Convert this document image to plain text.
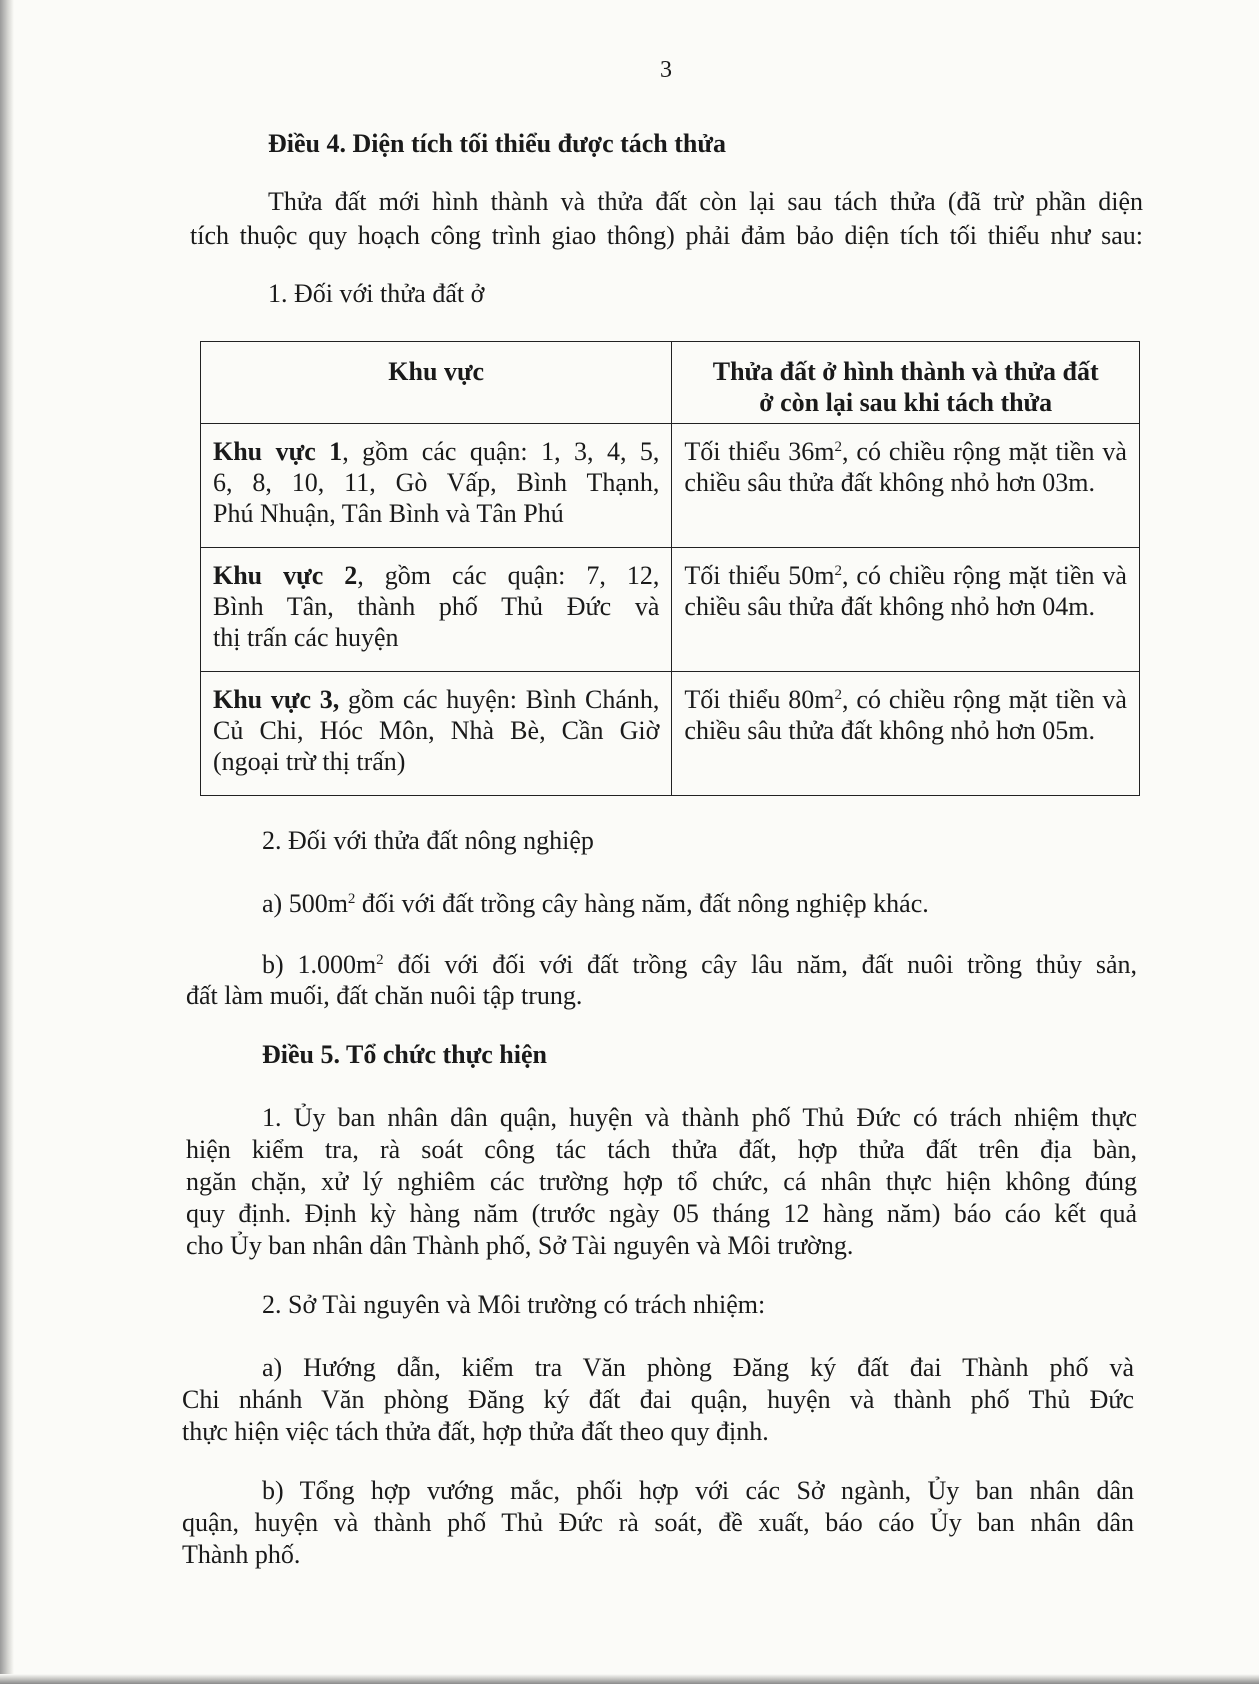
3
Điều 4. Diện tích tối thiểu được tách thửa
Thửa đất mới hình thành và thửa đất còn lại sau tách thửa (đã trừ phần diện
tích thuộc quy hoạch công trình giao thông) phải đảm bảo diện tích tối thiểu như sau:
1. Đối với thửa đất ở
Khu vực	Thửa đất ở hình thành và thửa đất
ở còn lại sau khi tách thửa

Khu vực 1, gồm các quận: 1, 3, 4, 5,
6, 8, 10, 11, Gò Vấp, Bình Thạnh,
Phú Nhuận, Tân Bình và Tân Phú	Tối thiểu $36m^2$, có chiều rộng mặt tiền và
chiều sâu thửa đất không nhỏ hơn 03m.

Khu vực 2, gồm các quận: 7, 12,
Bình Tân, thành phố Thủ Đức và
thị trấn các huyện	Tối thiểu $50m^2$, có chiều rộng mặt tiền và
chiều sâu thửa đất không nhỏ hơn 04m.

Khu vực 3, gồm các huyện: Bình Chánh,
Củ Chi, Hóc Môn, Nhà Bè, Cần Giờ
(ngoại trừ thị trấn)	Tối thiểu $80m^2$, có chiều rộng mặt tiền và
chiều sâu thửa đất không nhỏ hơn 05m.
2. Đối với thửa đất nông nghiệp
a) $500m^2$ đối với đất trồng cây hàng năm, đất nông nghiệp khác.
b) $1.000m^2$ đối với đối với đất trồng cây lâu năm, đất nuôi trồng thủy sản,
đất làm muối, đất chăn nuôi tập trung.
Điều 5. Tổ chức thực hiện
1. Ủy ban nhân dân quận, huyện và thành phố Thủ Đức có trách nhiệm thực
hiện kiểm tra, rà soát công tác tách thửa đất, hợp thửa đất trên địa bàn,
ngăn chặn, xử lý nghiêm các trường hợp tổ chức, cá nhân thực hiện không đúng
quy định. Định kỳ hàng năm (trước ngày 05 tháng 12 hàng năm) báo cáo kết quả
cho Ủy ban nhân dân Thành phố, Sở Tài nguyên và Môi trường.
2. Sở Tài nguyên và Môi trường có trách nhiệm:
a) Hướng dẫn, kiểm tra Văn phòng Đăng ký đất đai Thành phố và
Chi nhánh Văn phòng Đăng ký đất đai quận, huyện và thành phố Thủ Đức
thực hiện việc tách thửa đất, hợp thửa đất theo quy định.
b) Tổng hợp vướng mắc, phối hợp với các Sở ngành, Ủy ban nhân dân
quận, huyện và thành phố Thủ Đức rà soát, đề xuất, báo cáo Ủy ban nhân dân
Thành phố.
